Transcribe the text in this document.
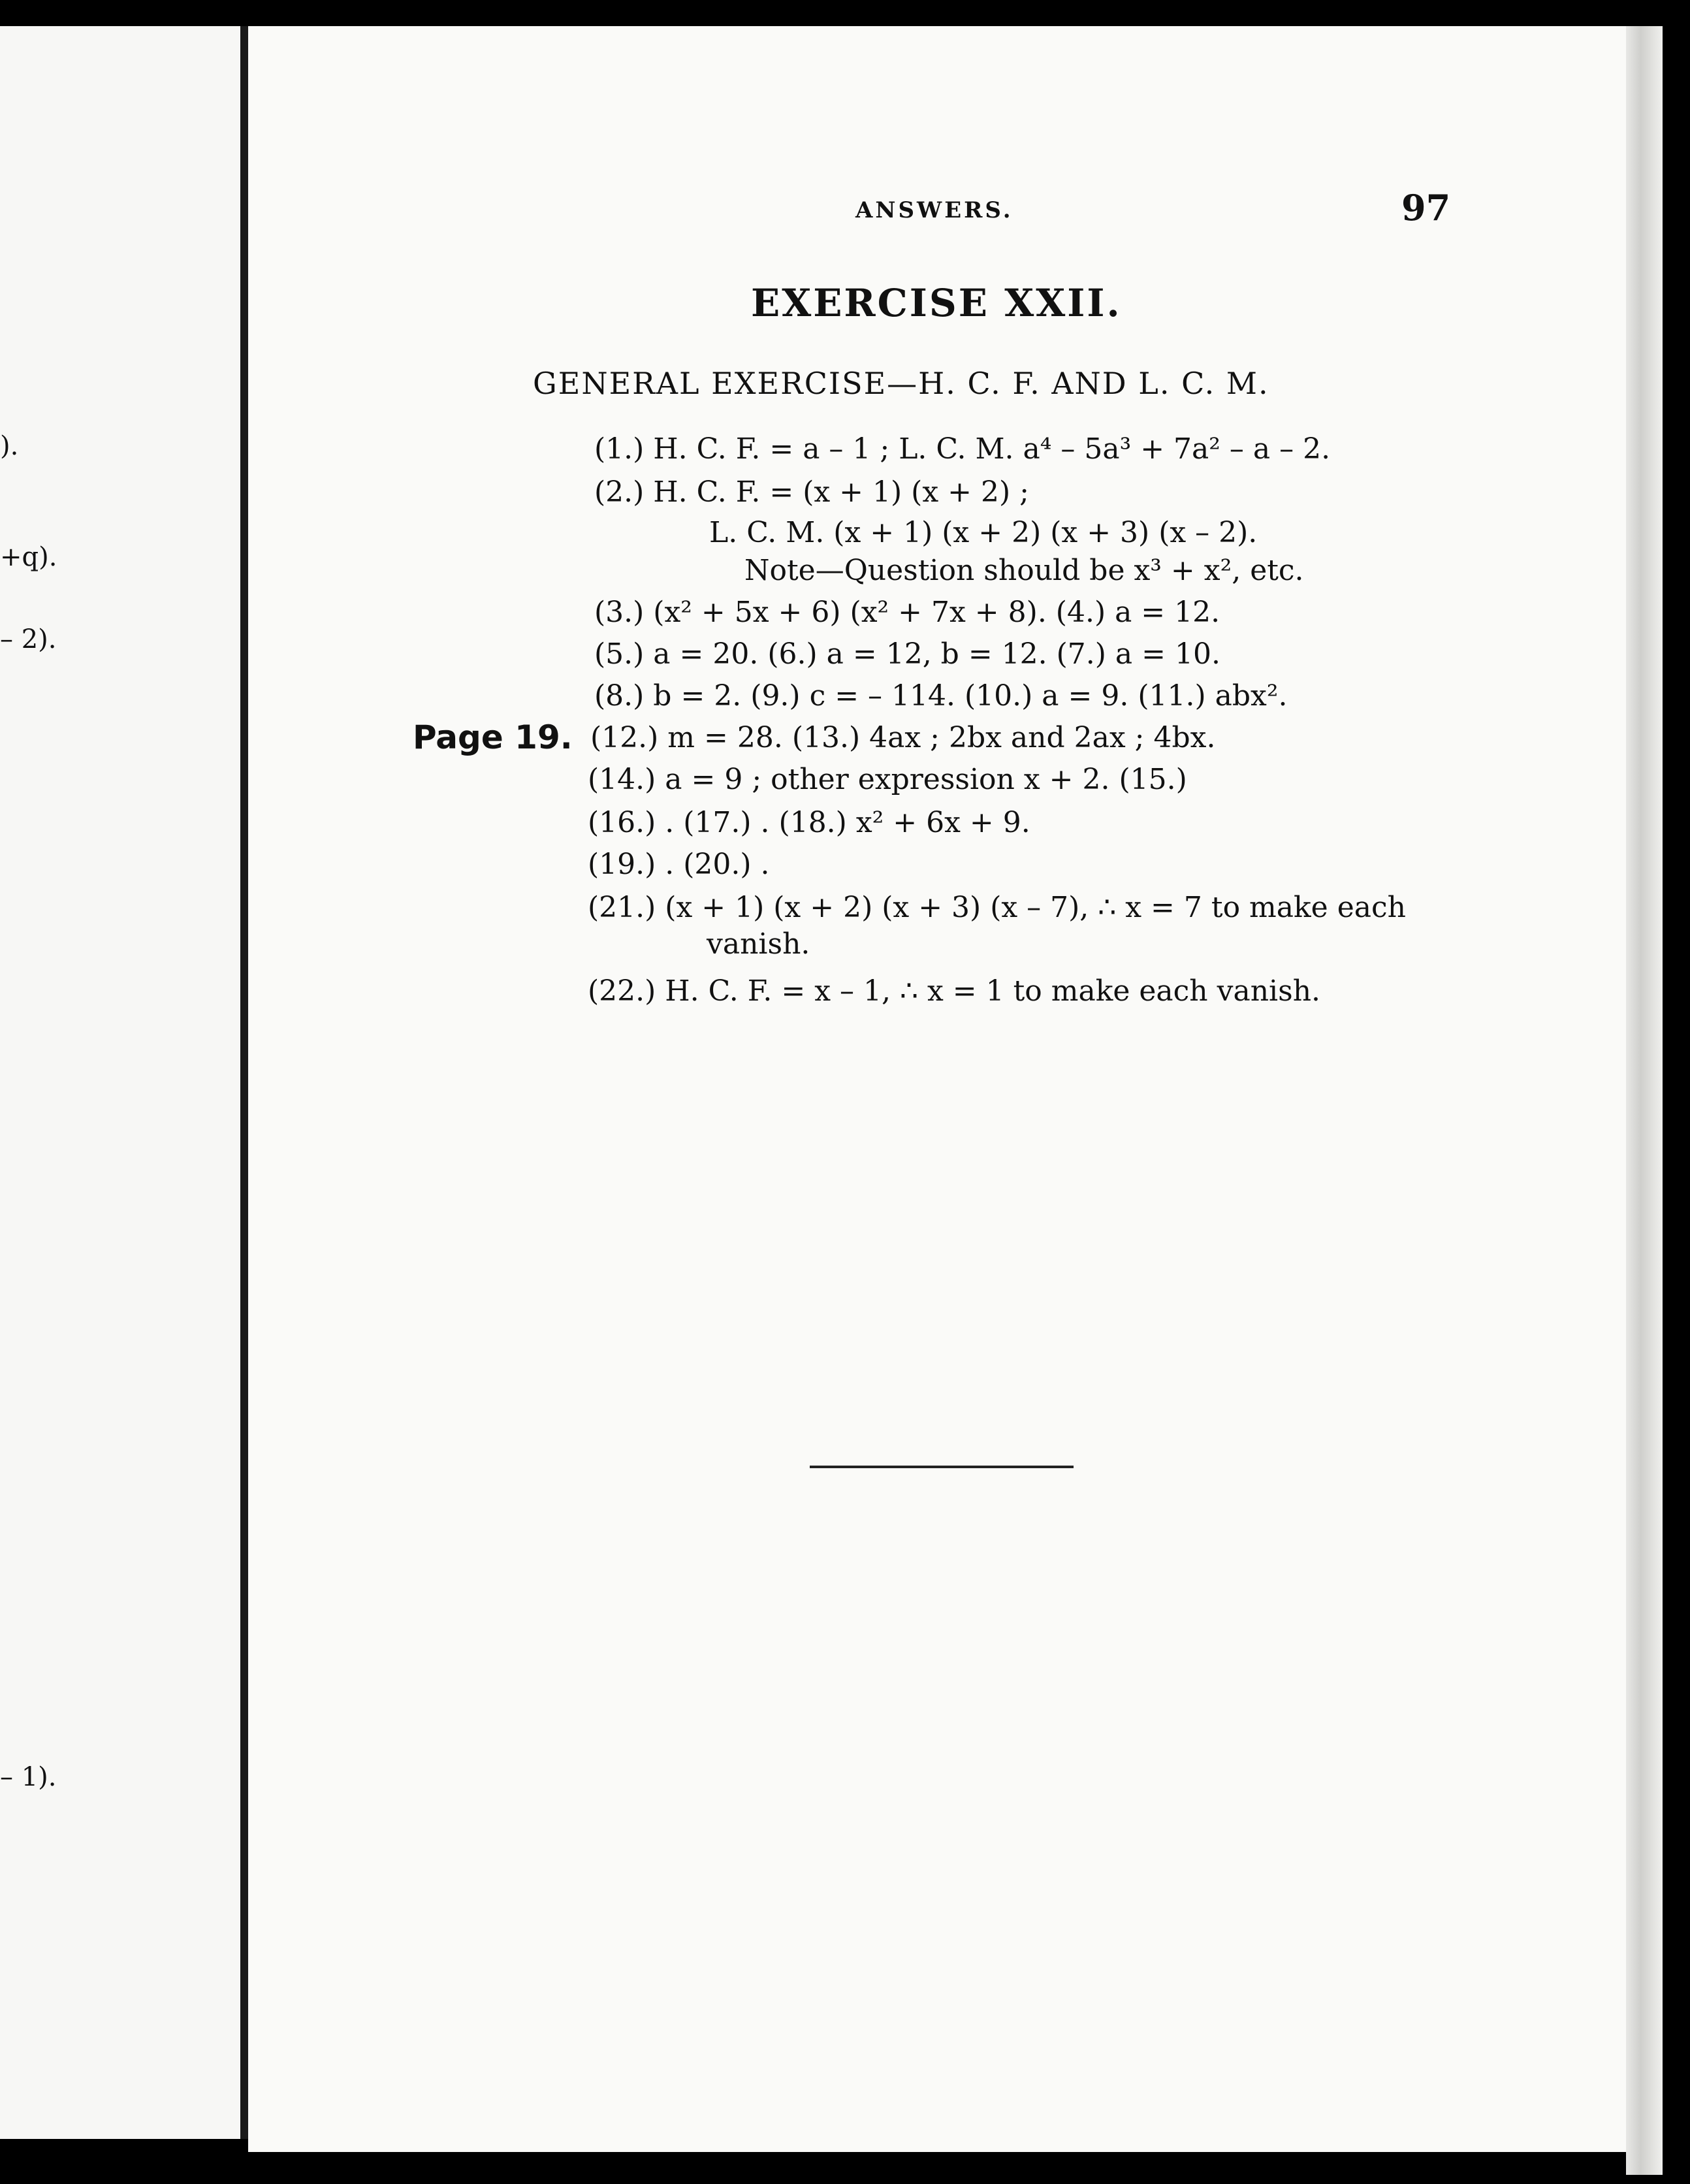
).
+q).
– 2).
– 1).
ANSWERS.	97
EXERCISE XXII.
GENERAL EXERCISE—H. C. F. AND L. C. M.
Page 19.
(1.) H. C. F. = a – 1 ; L. C. M. a⁴ – 5a³ + 7a² – a – 2.
(2.) H. C. F. = (x + 1) (x + 2) ;
L. C. M. (x + 1) (x + 2) (x + 3) (x – 2).
Note—Question should be x³ + x², etc.
(3.) (x² + 5x + 6) (x² + 7x + 8). (4.) a = 12.
(5.) a = 20. (6.) a = 12, b = 12. (7.) a = 10.
(8.) b = 2. (9.) c = – 114. (10.) a = 9. (11.) abx².
(12.) m = 28. (13.) 4ax ; 2bx and 2ax ; 4bx.
(14.) a = 9 ; other expression x + 2. (15.)
(16.) . (17.) . (18.) x² + 6x + 9.
(19.) . (20.) .
(21.) (x + 1) (x + 2) (x + 3) (x – 7), ∴ x = 7 to make each
vanish.
(22.) H. C. F. = x – 1, ∴ x = 1 to make each vanish.
